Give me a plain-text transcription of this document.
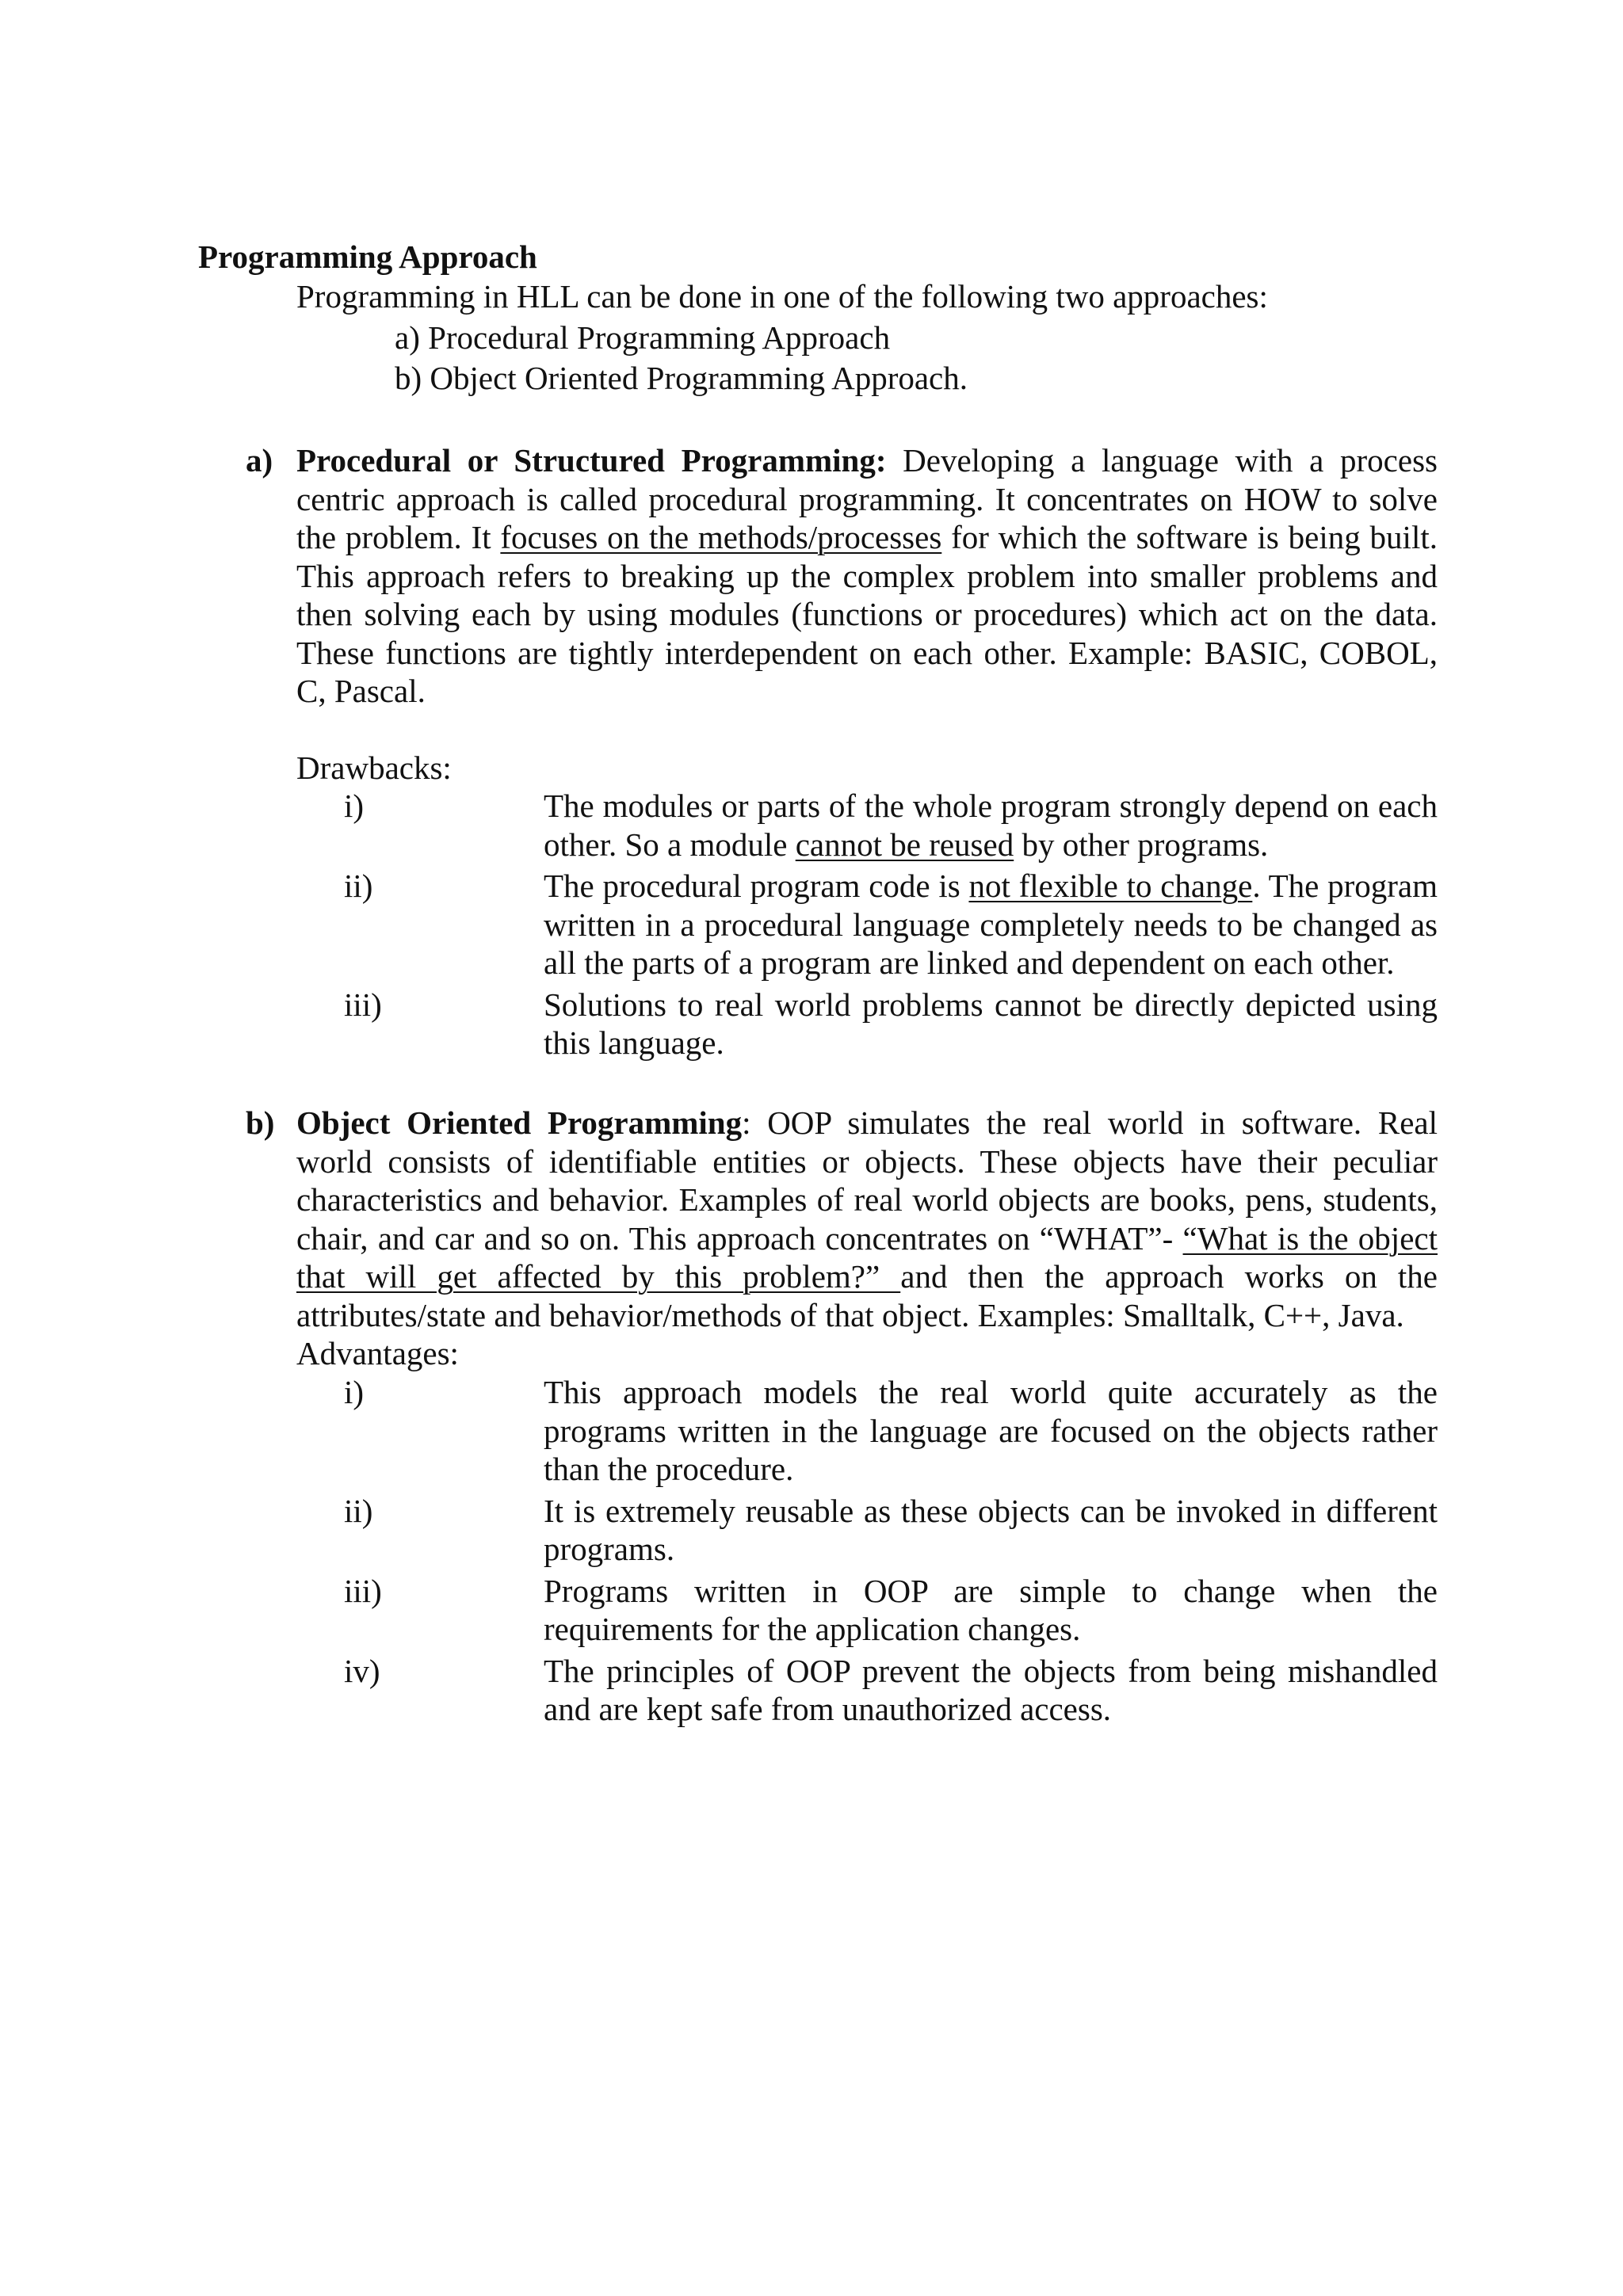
Programming Approach
Programming in HLL can be done in one of the following two approaches:
a) Procedural Programming Approach
b) Object Oriented Programming Approach.
a) Procedural or Structured Programming: Developing a language with a process centric approach is called procedural programming. It concentrates on HOW to solve the problem. It focuses on the methods/processes for which the software is being built. This approach refers to breaking up the complex problem into smaller problems and then solving each by using modules (functions or procedures) which act on the data. These functions are tightly interdependent on each other. Example: BASIC, COBOL, C, Pascal.
Drawbacks:
i)	The modules or parts of the whole program strongly depend on each other. So a module cannot be reused by other programs.
ii)	The procedural program code is not flexible to change. The program written in a procedural language completely needs to be changed as all the parts of a program are linked and dependent on each other.
iii)	Solutions to real world problems cannot be directly depicted using this language.
b) Object Oriented Programming: OOP simulates the real world in software. Real world consists of identifiable entities or objects. These objects have their peculiar characteristics and behavior. Examples of real world objects are books, pens, students, chair, and car and so on. This approach concentrates on “WHAT”- “What is the object that will get affected by this problem?” and then the approach works on the attributes/state and behavior/methods of that object. Examples: Smalltalk, C++, Java.
Advantages:
i)	This approach models the real world quite accurately as the programs written in the language are focused on the objects rather than the procedure.
ii)	It is extremely reusable as these objects can be invoked in different programs.
iii)	Programs written in OOP are simple to change when the requirements for the application changes.
iv)	The principles of OOP prevent the objects from being mishandled and are kept safe from unauthorized access.
